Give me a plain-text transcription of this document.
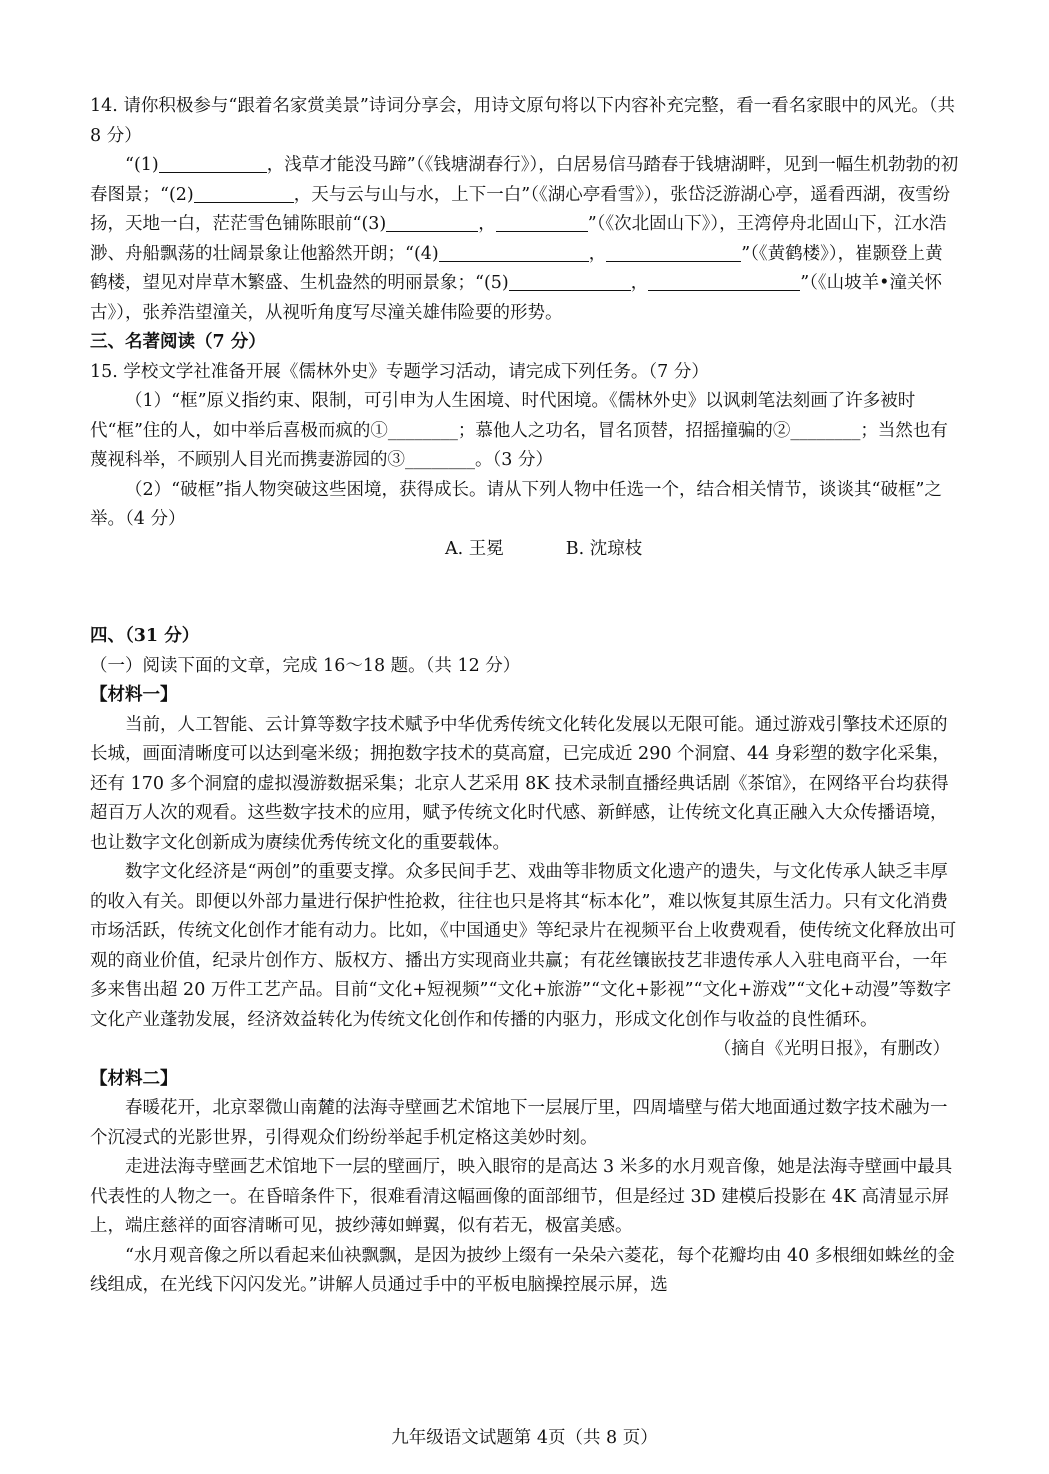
14. 请你积极参与“跟着名家赏美景”诗词分享会，用诗文原句将以下内容补充完整，看一看名家眼中的风光。（共 8 分）

“(1)	，浅草才能没马蹄”（《钱塘湖春行》），白居易信马踏春于钱塘湖畔，见到一幅生机勃勃的初春图景；“(2)	，天与云与山与水，上下一白”（《湖心亭看雪》），张岱泛游湖心亭，遥看西湖，夜雪纷扬，天地一白，茫茫雪色铺陈眼前“(3)	，	”（《次北固山下》），王湾停舟北固山下，江水浩渺、舟船飘荡的壮阔景象让他豁然开朗；“(4)	，	”（《黄鹤楼》），崔颢登上黄鹤楼，望见对岸草木繁盛、生机盎然的明丽景象；“(5)	，	”（《山坡羊•潼关怀古》），张养浩望潼关，从视听角度写尽潼关雄伟险要的形势。

三、名著阅读（7 分）

15. 学校文学社准备开展《儒林外史》专题学习活动，请完成下列任务。（7 分）

（1）“框”原义指约束、限制，可引申为人生困境、时代困境。《儒林外史》以讽刺笔法刻画了许多被时代“框”住的人，如中举后喜极而疯的①________；慕他人之功名，冒名顶替，招摇撞骗的②________；当然也有蔑视科举，不顾别人目光而携妻游园的③________。（3 分）

（2）“破框”指人物突破这些困境，获得成长。请从下列人物中任选一个，结合相关情节，谈谈其“破框”之举。（4 分）

A. 王冕	B. 沈琼枝

四、（31 分）

（一）阅读下面的文章，完成 16～18 题。（共 12 分）

【材料一】

当前，人工智能、云计算等数字技术赋予中华优秀传统文化转化发展以无限可能。通过游戏引擎技术还原的长城，画面清晰度可以达到毫米级；拥抱数字技术的莫高窟，已完成近 290 个洞窟、44 身彩塑的数字化采集，还有 170 多个洞窟的虚拟漫游数据采集；北京人艺采用 8K 技术录制直播经典话剧《茶馆》，在网络平台均获得超百万人次的观看。这些数字技术的应用，赋予传统文化时代感、新鲜感，让传统文化真正融入大众传播语境，也让数字文化创新成为赓续优秀传统文化的重要载体。

数字文化经济是“两创”的重要支撑。众多民间手艺、戏曲等非物质文化遗产的遗失，与文化传承人缺乏丰厚的收入有关。即便以外部力量进行保护性抢救，往往也只是将其“标本化”，难以恢复其原生活力。只有文化消费市场活跃，传统文化创作才能有动力。比如，《中国通史》等纪录片在视频平台上收费观看，使传统文化释放出可观的商业价值，纪录片创作方、版权方、播出方实现商业共赢；有花丝镶嵌技艺非遗传承人入驻电商平台，一年多来售出超 20 万件工艺产品。目前“文化+短视频”“文化+旅游”“文化+影视”“文化+游戏”“文化+动漫”等数字文化产业蓬勃发展，经济效益转化为传统文化创作和传播的内驱力，形成文化创作与收益的良性循环。

（摘自《光明日报》，有删改）

【材料二】

春暖花开，北京翠微山南麓的法海寺壁画艺术馆地下一层展厅里，四周墙壁与偌大地面通过数字技术融为一个沉浸式的光影世界，引得观众们纷纷举起手机定格这美妙时刻。

走进法海寺壁画艺术馆地下一层的壁画厅，映入眼帘的是高达 3 米多的水月观音像，她是法海寺壁画中最具代表性的人物之一。在昏暗条件下，很难看清这幅画像的面部细节，但是经过 3D 建模后投影在 4K 高清显示屏上，端庄慈祥的面容清晰可见，披纱薄如蝉翼，似有若无，极富美感。

“水月观音像之所以看起来仙袂飘飘，是因为披纱上缀有一朵朵六菱花，每个花瓣均由 40 多根细如蛛丝的金线组成，在光线下闪闪发光。”讲解人员通过手中的平板电脑操控展示屏，选

九年级语文试题第 4页（共 8 页）
